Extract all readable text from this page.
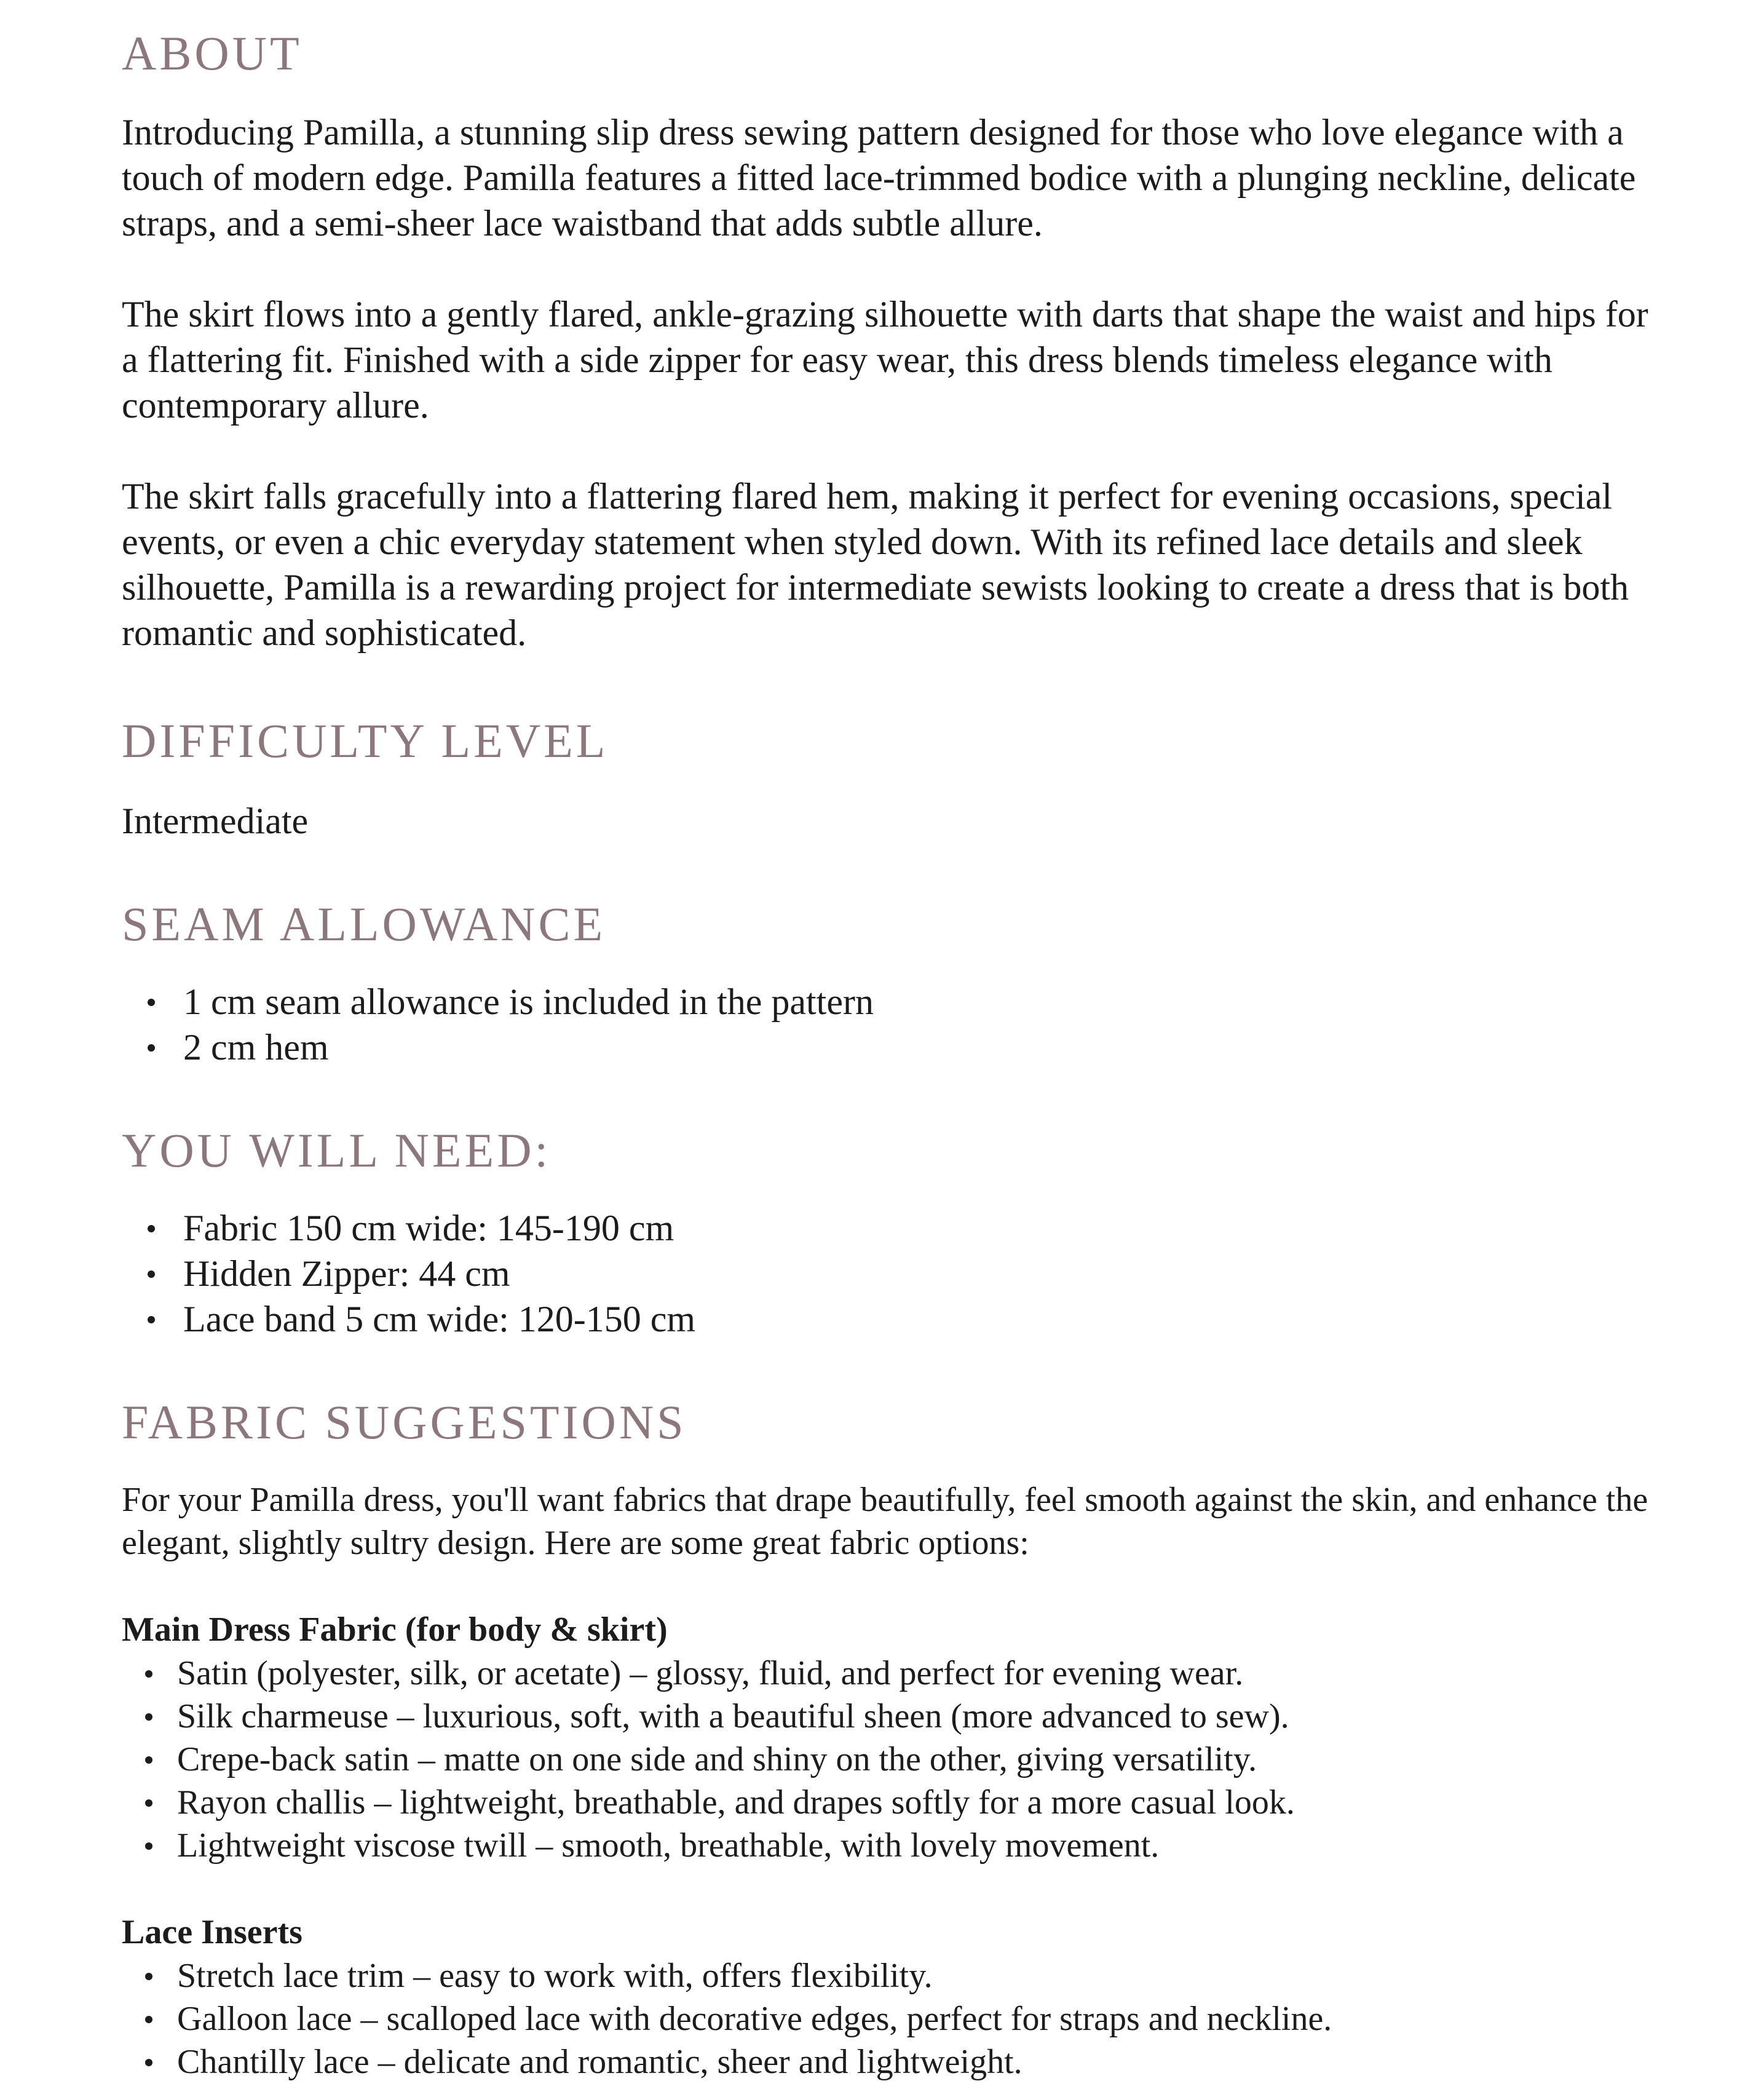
ABOUT

Introducing Pamilla, a stunning slip dress sewing pattern designed for those who love elegance with a touch of modern edge. Pamilla features a fitted lace-trimmed bodice with a plunging neckline, delicate straps, and a semi-sheer lace waistband that adds subtle allure.

The skirt flows into a gently flared, ankle-grazing silhouette with darts that shape the waist and hips for a flattering fit. Finished with a side zipper for easy wear, this dress blends timeless elegance with contemporary allure.

The skirt falls gracefully into a flattering flared hem, making it perfect for evening occasions, special events, or even a chic everyday statement when styled down. With its refined lace details and sleek silhouette, Pamilla is a rewarding project for intermediate sewists looking to create a dress that is both romantic and sophisticated.

DIFFICULTY LEVEL

Intermediate

SEAM ALLOWANCE
1 cm seam allowance is included in the pattern
2 cm hem
YOU WILL NEED:
Fabric 150 cm wide: 145-190 cm
Hidden Zipper: 44 cm
Lace band 5 cm wide: 120-150 cm
FABRIC SUGGESTIONS

For your Pamilla dress, you'll want fabrics that drape beautifully, feel smooth against the skin, and enhance the elegant, slightly sultry design. Here are some great fabric options:

Main Dress Fabric (for body & skirt)
Satin (polyester, silk, or acetate) – glossy, fluid, and perfect for evening wear.
Silk charmeuse – luxurious, soft, with a beautiful sheen (more advanced to sew).
Crepe-back satin – matte on one side and shiny on the other, giving versatility.
Rayon challis – lightweight, breathable, and drapes softly for a more casual look.
Lightweight viscose twill – smooth, breathable, with lovely movement.
Lace Inserts
Stretch lace trim – easy to work with, offers flexibility.
Galloon lace – scalloped lace with decorative edges, perfect for straps and neckline.
Chantilly lace – delicate and romantic, sheer and lightweight.
